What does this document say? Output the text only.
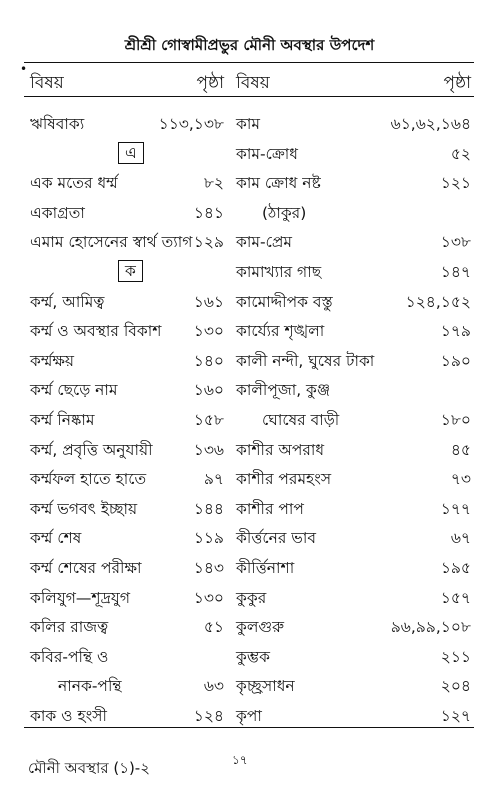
শ্রীশ্রী গোস্বামীপ্রভুর মৌনী অবস্থার উপদেশ
•
বিষয়	পৃষ্ঠা বিষয়	পৃষ্ঠা
ঋষিবাক্য	১১৩,১৩৮
এ
এক মতের ধর্ম্ম	৮২
একাগ্রতা	১৪১
এমাম হোসেনের স্বার্থ ত্যাগ ১২৯
ক
কর্ম্ম, আমিত্ব	১৬১
কর্ম্ম ও অবস্থার বিকাশ ১৩০
কর্ম্মক্ষয়	১৪০
কর্ম্ম ছেড়ে নাম	১৬০
কর্ম্ম নিষ্কাম	১৫৮
কর্ম্ম, প্রবৃত্তি অনুযায়ী	১৩৬
কর্ম্মফল হাতে হাতে	৯৭
কর্ম্ম ভগবৎ ইচ্ছায়	১৪৪
কর্ম্ম শেষ	১১৯
কর্ম্ম শেষের পরীক্ষা	১৪৩
কলিযুগ—শূদ্রযুগ	১৩০
কলির রাজত্ব	৫১
কবির-পন্থি ও
নানক-পন্থি	৬৩
কাক ও হংসী	১২৪
কাম	৬১,৬২,১৬৪
কাম-ক্রোধ	৫২
কাম ক্রোধ নষ্ট	১২১
(ঠাকুর)
কাম-প্রেম	১৩৮
কামাখ্যার গাছ	১৪৭
কামোদ্দীপক বস্তু	১২৪,১৫২
কার্য্যের শৃঙ্খলা	১৭৯
কালী নন্দী, ঘুষের টাকা	১৯০
কালীপূজা, কুঞ্জ
ঘোষের বাড়ী	১৮০
কাশীর অপরাধ	৪৫
কাশীর পরমহংস	৭৩
কাশীর পাপ	১৭৭
কীর্ত্তনের ভাব	৬৭
কীর্ত্তিনাশা	১৯৫
কুকুর	১৫৭
কুলগুরু	৯৬,৯৯,১০৮
কুম্ভক	২১১
কৃচ্ছ্রসাধন	২০৪
কৃপা	১২৭
মৌনী অবস্থার (১)-২	১৭
